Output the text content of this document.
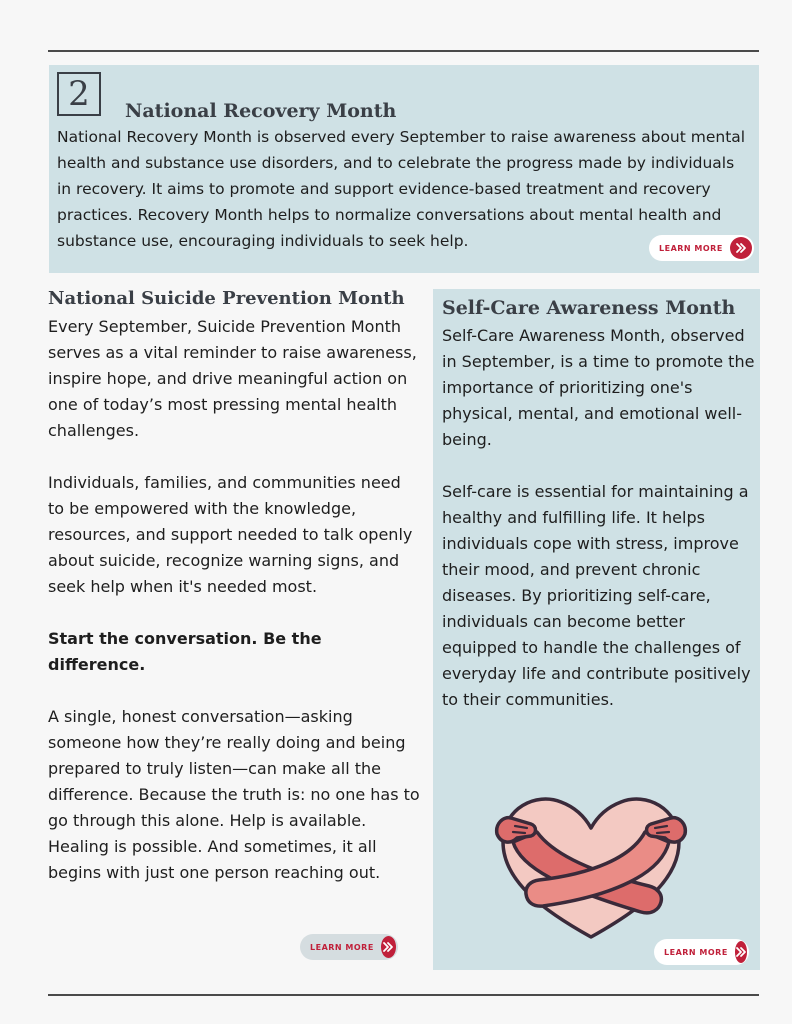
2	National Recovery Month

National Recovery Month is observed every September to raise awareness about mental health and substance use disorders, and to celebrate the progress made by individuals in recovery. It aims to promote and support evidence-based treatment and recovery practices. Recovery Month helps to normalize conversations about mental health and substance use, encouraging individuals to seek help.	LEARN MORE
National Suicide Prevention Month

Every September, Suicide Prevention Month serves as a vital reminder to raise awareness, inspire hope, and drive meaningful action on one of today’s most pressing mental health challenges.

Individuals, families, and communities need to be empowered with the knowledge, resources, and support needed to talk openly about suicide, recognize warning signs, and seek help when it's needed most.

Start the conversation. Be the difference.

A single, honest conversation—asking someone how they’re really doing and being prepared to truly listen—can make all the difference. Because the truth is: no one has to go through this alone. Help is available. Healing is possible. And sometimes, it all begins with just one person reaching out.

LEARN MORE
Self-Care Awareness Month

Self-Care Awareness Month, observed in September, is a time to promote the importance of prioritizing one's physical, mental, and emotional well-being.

Self-care is essential for maintaining a healthy and fulfilling life. It helps individuals cope with stress, improve their mood, and prevent chronic diseases. By prioritizing self-care, individuals can become better equipped to handle the challenges of everyday life and contribute positively to their communities.

LEARN MORE
